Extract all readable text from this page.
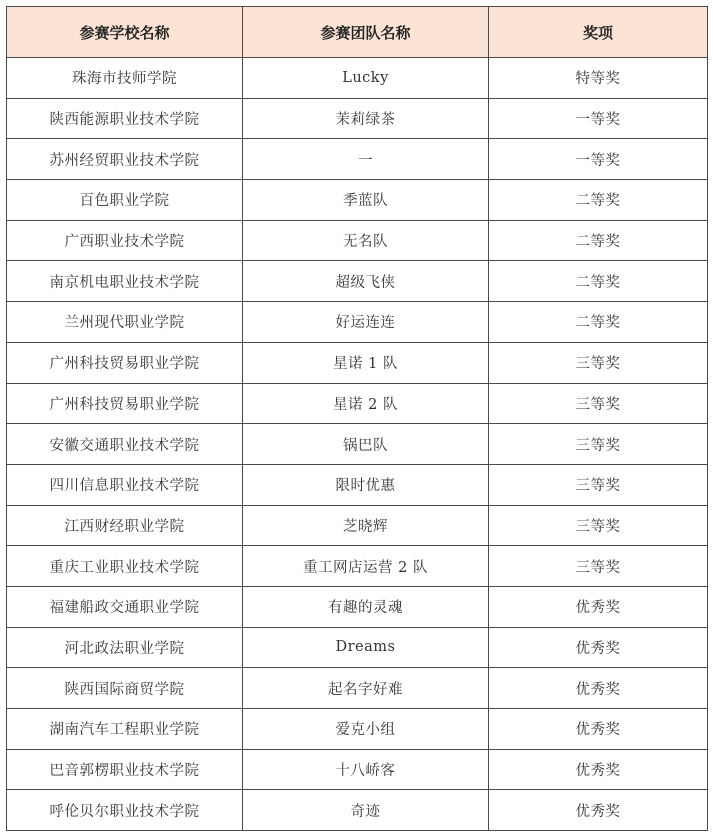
参赛学校名称	参赛团队名称	奖项
珠海市技师学院	Lucky	特等奖
陕西能源职业技术学院	茉莉绿茶	一等奖
苏州经贸职业技术学院	一	一等奖
百色职业学院	季蓝队	二等奖
广西职业技术学院	无名队	二等奖
南京机电职业技术学院	超级飞侠	二等奖
兰州现代职业学院	好运连连	二等奖
广州科技贸易职业学院	星诺 1 队	三等奖
广州科技贸易职业学院	星诺 2 队	三等奖
安徽交通职业技术学院	锅巴队	三等奖
四川信息职业技术学院	限时优惠	三等奖
江西财经职业学院	芝晓辉	三等奖
重庆工业职业技术学院	重工网店运营 2 队	三等奖
福建船政交通职业学院	有趣的灵魂	优秀奖
河北政法职业学院	Dreams	优秀奖
陕西国际商贸学院	起名字好难	优秀奖
湖南汽车工程职业学院	爱克小组	优秀奖
巴音郭楞职业技术学院	十八峤客	优秀奖
呼伦贝尔职业技术学院	奇迹	优秀奖
